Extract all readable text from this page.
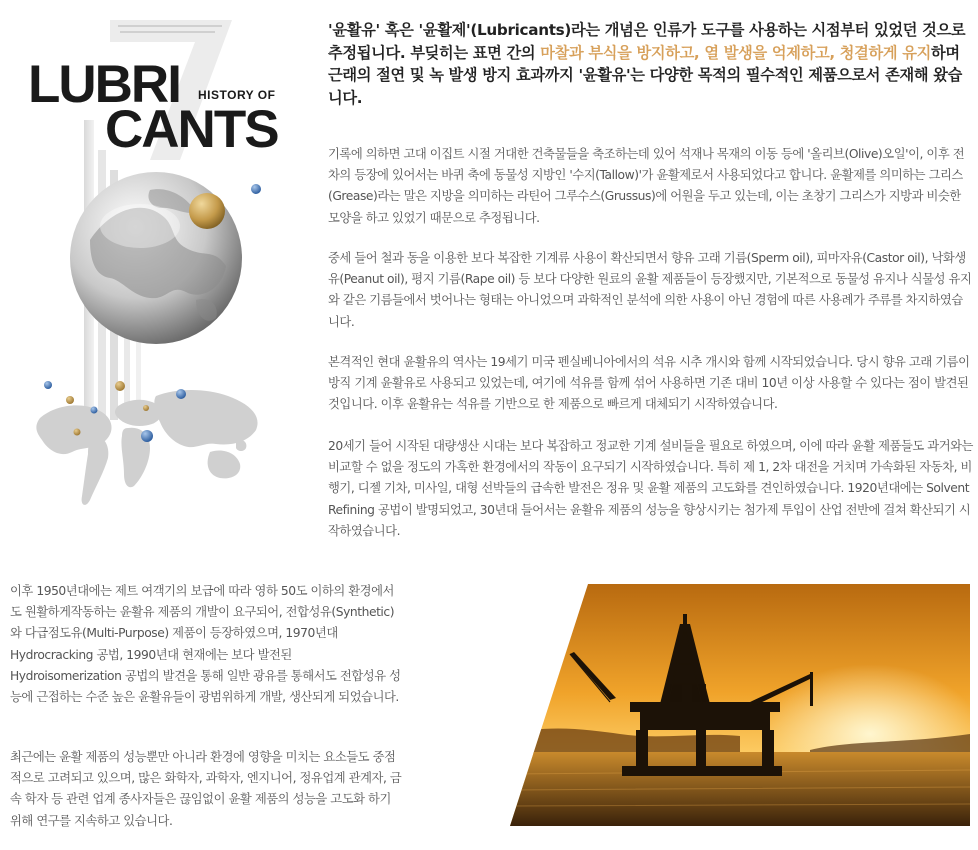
LUBRI HISTORY OF
CANTS
'윤활유' 혹은 '윤활제'(Lubricants)라는 개념은 인류가 도구를 사용하는 시점부터 있었던 것으로 추정됩니다. 부딪히는 표면 간의 마찰과 부식을 방지하고, 열 발생을 억제하고, 청결하게 유지하며 근래의 절연 및 녹 발생 방지 효과까지 '윤활유'는 다양한 목적의 필수적인 제품으로서 존재해 왔습니다.
기록에 의하면 고대 이집트 시절 거대한 건축물들을 축조하는데 있어 석재나 목재의 이동 등에 '올리브(Olive)오일'이, 이후 전차의 등장에 있어서는 바퀴 축에 동물성 지방인 '수지(Tallow)'가 윤활제로서 사용되었다고 합니다. 윤활제를 의미하는 그리스(Grease)라는 말은 지방을 의미하는 라틴어 그루수스(Grussus)에 어원을 두고 있는데, 이는 초창기 그리스가 지방과 비슷한 모양을 하고 있었기 때문으로 추정됩니다.
중세 들어 철과 동을 이용한 보다 복잡한 기계류 사용이 확산되면서 향유 고래 기름(Sperm oil), 피마자유(Castor oil), 낙화생유(Peanut oil), 평지 기름(Rape oil) 등 보다 다양한 원료의 윤활 제품들이 등장했지만, 기본적으로 동물성 유지나 식물성 유지와 같은 기름들에서 벗어나는 형태는 아니었으며 과학적인 분석에 의한 사용이 아닌 경험에 따른 사용례가 주류를 차지하였습니다.
본격적인 현대 윤활유의 역사는 19세기 미국 펜실베니아에서의 석유 시추 개시와 함께 시작되었습니다. 당시 향유 고래 기름이 방직 기계 윤활유로 사용되고 있었는데, 여기에 석유를 함께 섞어 사용하면 기존 대비 10년 이상 사용할 수 있다는 점이 발견된 것입니다. 이후 윤활유는 석유를 기반으로 한 제품으로 빠르게 대체되기 시작하였습니다.
20세기 들어 시작된 대량생산 시대는 보다 복잡하고 정교한 기계 설비들을 필요로 하였으며, 이에 따라 윤활 제품들도 과거와는 비교할 수 없을 정도의 가혹한 환경에서의 작동이 요구되기 시작하였습니다. 특히 제 1, 2차 대전을 거치며 가속화된 자동차, 비행기, 디젤 기차, 미사일, 대형 선박들의 급속한 발전은 정유 및 윤활 제품의 고도화를 견인하였습니다. 1920년대에는 Solvent Refining 공법이 발명되었고, 30년대 들어서는 윤활유 제품의 성능을 향상시키는 첨가제 투입이 산업 전반에 걸쳐 확산되기 시작하였습니다.
이후 1950년대에는 제트 여객기의 보급에 따라 영하 50도 이하의 환경에서도 원활하게작동하는 윤활유 제품의 개발이 요구되어, 전합성유(Synthetic)와 다급점도유(Multi-Purpose) 제품이 등장하였으며, 1970년대 Hydrocracking 공법, 1990년대 현재에는 보다 발전된 Hydroisomerization 공법의 발견을 통해 일반 광유를 통해서도 전합성유 성능에 근접하는 수준 높은 윤활유들이 광범위하게 개발, 생산되게 되었습니다.
최근에는 윤활 제품의 성능뿐만 아니라 환경에 영향을 미치는 요소들도 중점적으로 고려되고 있으며, 많은 화학자, 과학자, 엔지니어, 정유업계 관계자, 금속 학자 등 관련 업계 종사자들은 끊임없이 윤활 제품의 성능을 고도화 하기 위해 연구를 지속하고 있습니다.
